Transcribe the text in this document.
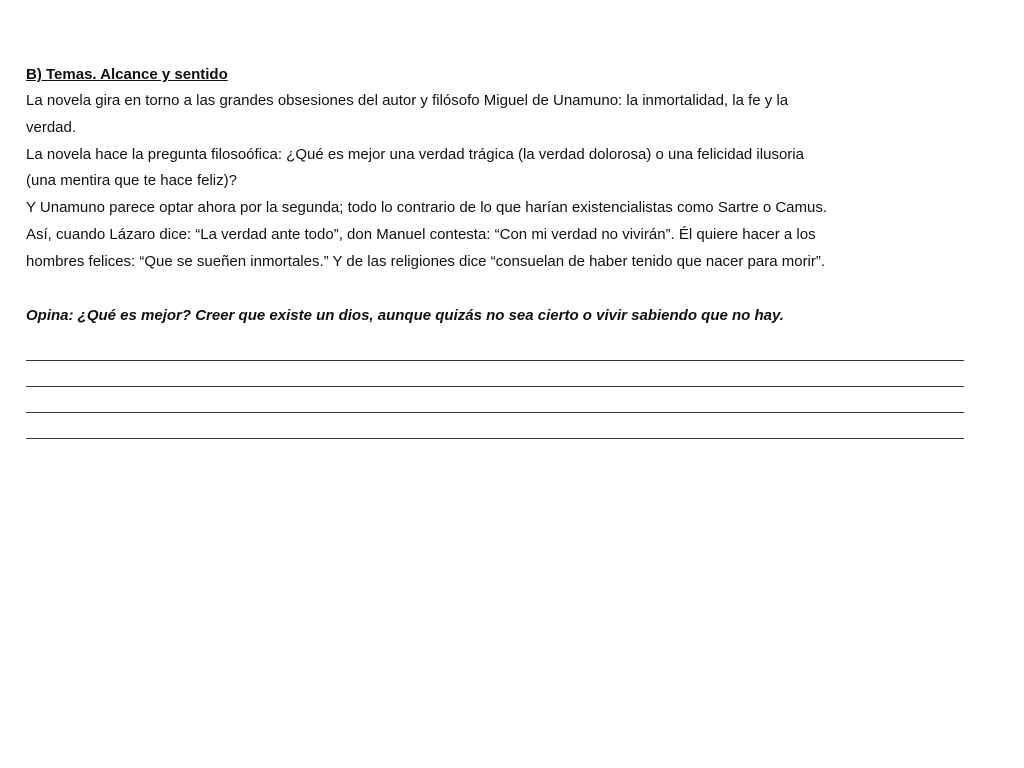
B) Temas. Alcance y sentido
La novela gira en torno a las grandes obsesiones del autor y filósofo Miguel de Unamuno: la inmortalidad, la fe y la
verdad.
La novela hace la pregunta filosoófica: ¿Qué es mejor una verdad trágica (la verdad dolorosa) o una felicidad ilusoria
(una mentira que te hace feliz)?
Y Unamuno parece optar ahora por la segunda; todo lo contrario de lo que harían existencialistas como Sartre o Camus.
Así, cuando Lázaro dice: “La verdad ante todo”, don Manuel contesta: “Con mi verdad no vivirán”. Él quiere hacer a los
hombres felices: “Que se sueñen inmortales.” Y de las religiones dice “consuelan de haber tenido que nacer para morir”.
Opina: ¿Qué es mejor? Creer que existe un dios, aunque quizás no sea cierto o vivir sabiendo que no hay.
